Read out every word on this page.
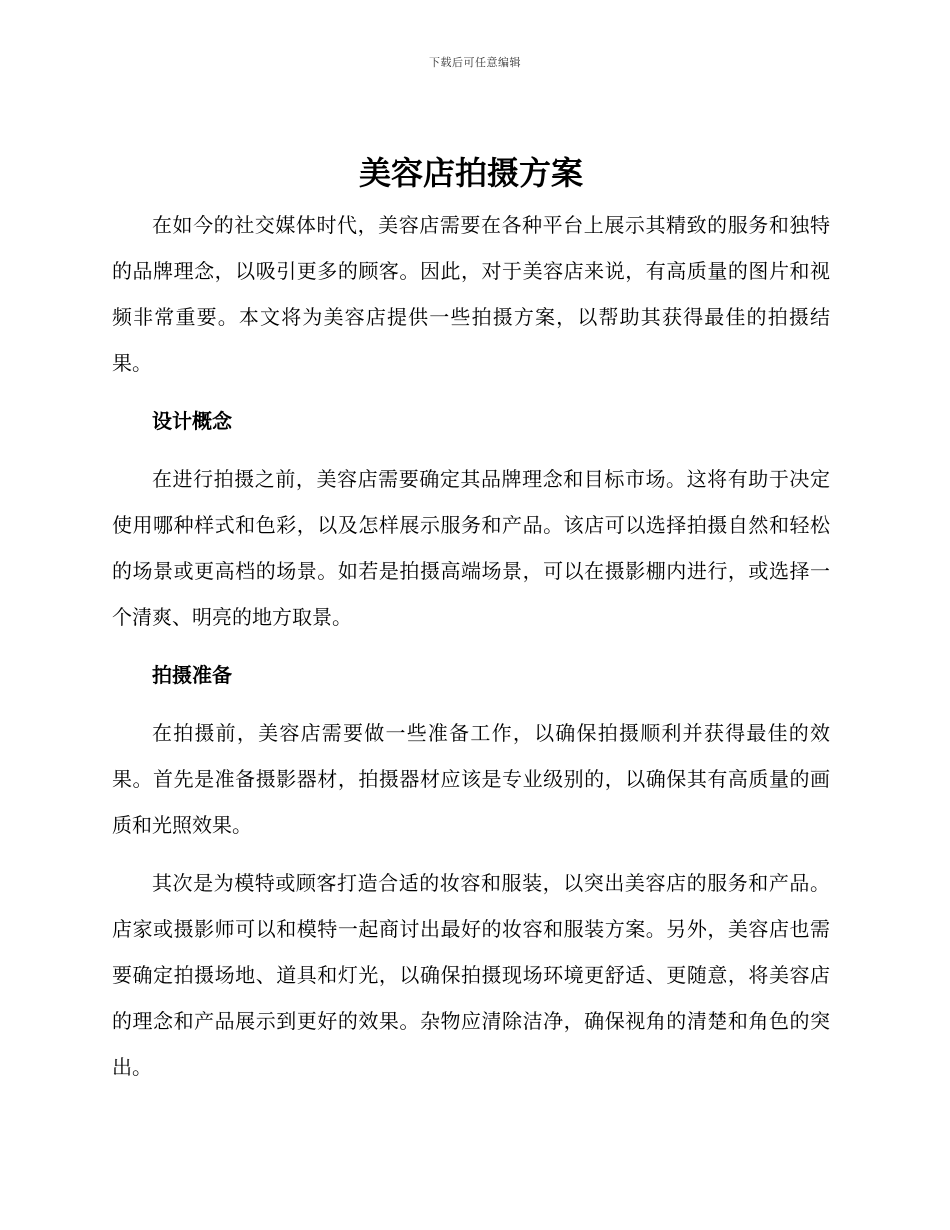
下载后可任意编辑
美容店拍摄方案

在如今的社交媒体时代，美容店需要在各种平台上展示其精致的服务和独特的品牌理念，以吸引更多的顾客。因此，对于美容店来说，有高质量的图片和视频非常重要。本文将为美容店提供一些拍摄方案，以帮助其获得最佳的拍摄结果。

设计概念

在进行拍摄之前，美容店需要确定其品牌理念和目标市场。这将有助于决定使用哪种样式和色彩，以及怎样展示服务和产品。该店可以选择拍摄自然和轻松的场景或更高档的场景。如若是拍摄高端场景，可以在摄影棚内进行，或选择一个清爽、明亮的地方取景。

拍摄准备

在拍摄前，美容店需要做一些准备工作，以确保拍摄顺利并获得最佳的效果。首先是准备摄影器材，拍摄器材应该是专业级别的，以确保其有高质量的画质和光照效果。

其次是为模特或顾客打造合适的妆容和服装，以突出美容店的服务和产品。店家或摄影师可以和模特一起商讨出最好的妆容和服装方案。另外，美容店也需要确定拍摄场地、道具和灯光，以确保拍摄现场环境更舒适、更随意，将美容店的理念和产品展示到更好的效果。杂物应清除洁净，确保视角的清楚和角色的突出。
